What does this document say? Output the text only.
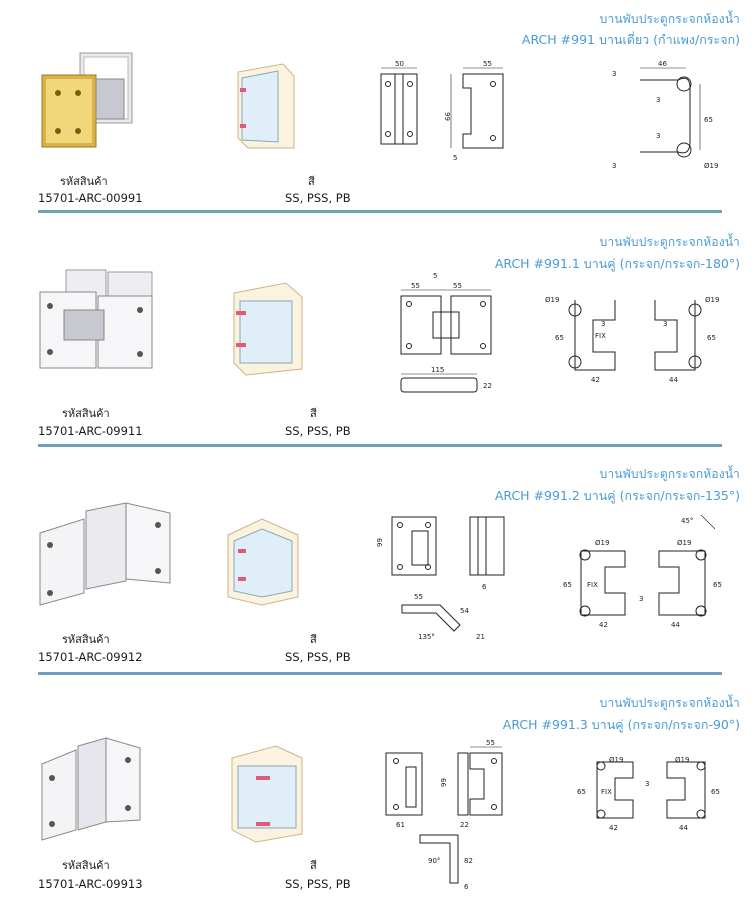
บานพับประตูกระจกห้องน้ำ
ARCH #991 บานเดี่ยว (กำแพง/กระจก)
50	55
99
5
46
3
3
65
3
3	Ø19
รหัสสินค้า	สี
15701-ARC-00991	SS, PSS, PB
บานพับประตูกระจกห้องน้ำ
ARCH #991.1 บานคู่ (กระจก/กระจก-180°)
5
55	55
115
22
Ø19	Ø19
FIX
65	65
42	44
3	3
รหัสสินค้า	สี
15701-ARC-09911	SS, PSS, PB
บานพับประตูกระจกห้องน้ำ
ARCH #991.2 บานคู่ (กระจก/กระจก-135°)
99
6
55
54
21
135°
45°
Ø19
65 FIX
42
Ø19
65
44
3
รหัสสินค้า	สี
15701-ARC-09912	SS, PSS, PB
บานพับประตูกระจกห้องน้ำ
ARCH #991.3 บานคู่ (กระจก/กระจก-90°)
55
61
99
22
82
90°
6
Ø19
65 FIX
42
Ø19
65
44
3
รหัสสินค้า	สี
15701-ARC-09913	SS, PSS, PB
